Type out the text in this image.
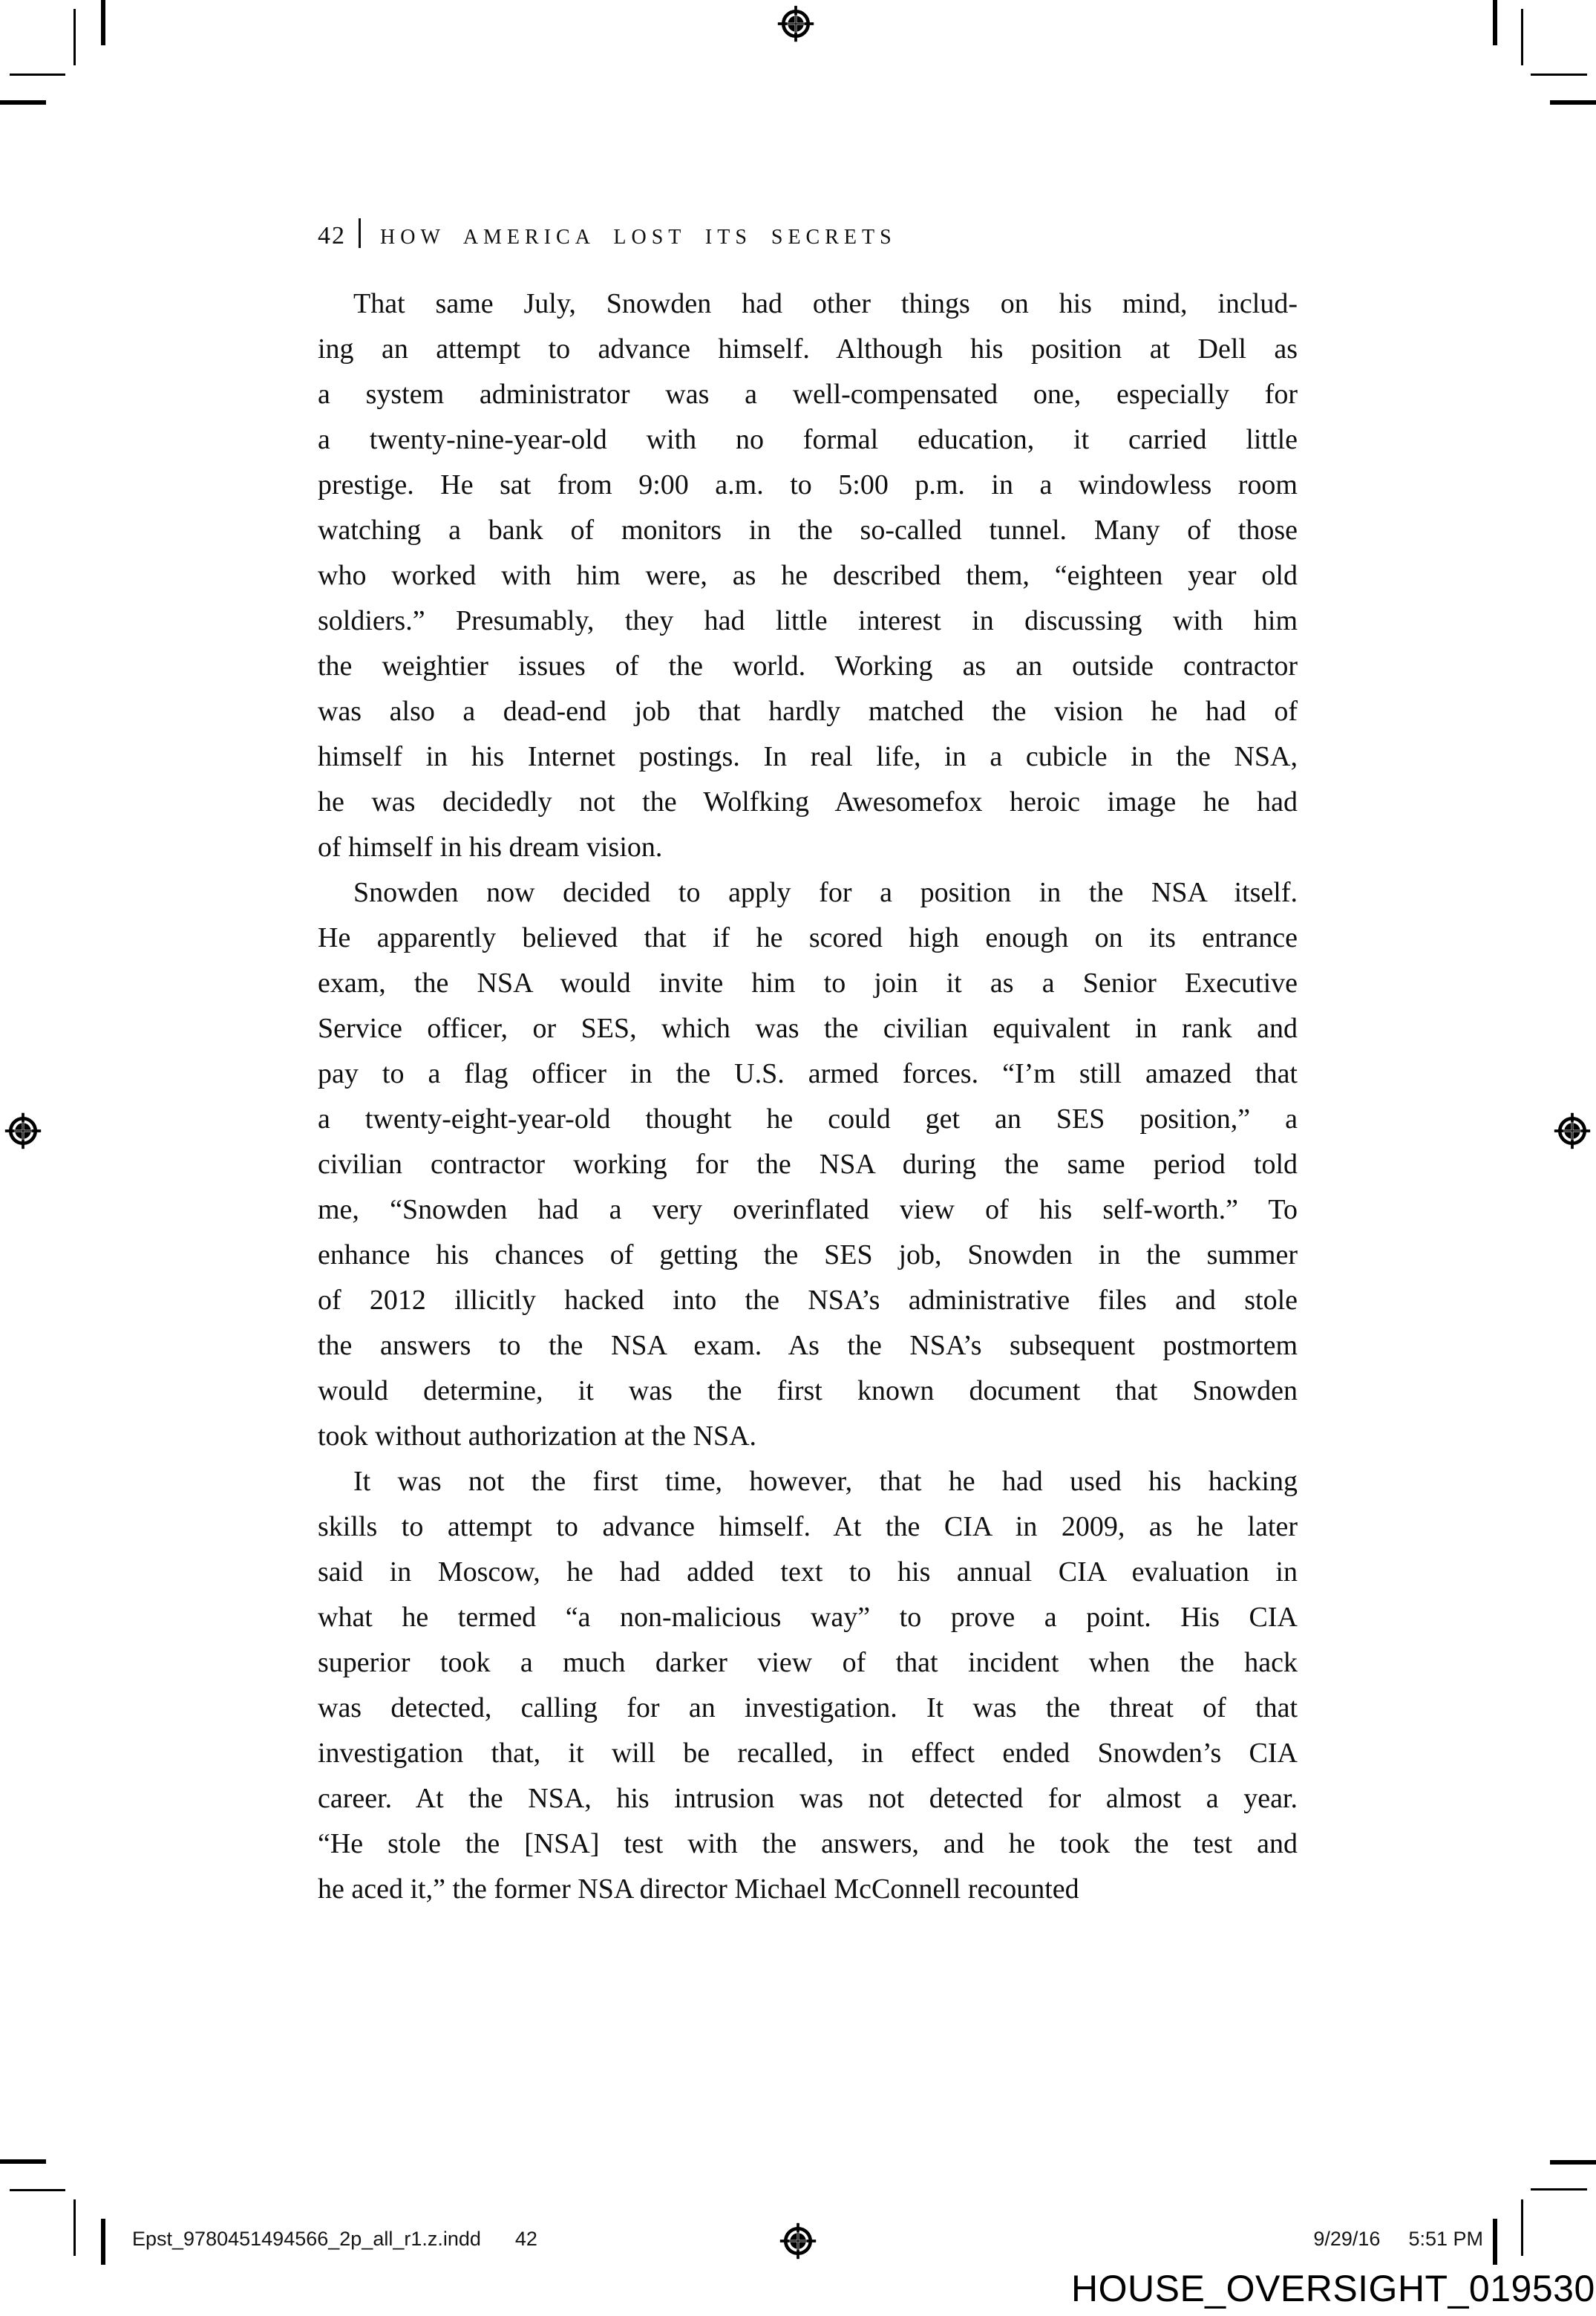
42 HOW AMERICA LOST ITS SECRETS
That same July, Snowden had other things on his mind, includ-
ing an attempt to advance himself. Although his position at Dell as
a system administrator was a well-compensated one, especially for
a twenty-nine-year-old with no formal education, it carried little
prestige. He sat from 9:00 a.m. to 5:00 p.m. in a windowless room
watching a bank of monitors in the so-called tunnel. Many of those
who worked with him were, as he described them, “eighteen year old
soldiers.” Presumably, they had little interest in discussing with him
the weightier issues of the world. Working as an outside contractor
was also a dead-end job that hardly matched the vision he had of
himself in his Internet postings. In real life, in a cubicle in the NSA,
he was decidedly not the Wolfking Awesomefox heroic image he had
of himself in his dream vision.
Snowden now decided to apply for a position in the NSA itself.
He apparently believed that if he scored high enough on its entrance
exam, the NSA would invite him to join it as a Senior Executive
Service officer, or SES, which was the civilian equivalent in rank and
pay to a flag officer in the U.S. armed forces. “I’m still amazed that
a twenty-eight-year-old thought he could get an SES position,” a
civilian contractor working for the NSA during the same period told
me, “Snowden had a very overinflated view of his self-worth.” To
enhance his chances of getting the SES job, Snowden in the summer
of 2012 illicitly hacked into the NSA’s administrative files and stole
the answers to the NSA exam. As the NSA’s subsequent postmortem
would determine, it was the first known document that Snowden
took without authorization at the NSA.
It was not the first time, however, that he had used his hacking
skills to attempt to advance himself. At the CIA in 2009, as he later
said in Moscow, he had added text to his annual CIA evaluation in
what he termed “a non-malicious way” to prove a point. His CIA
superior took a much darker view of that incident when the hack
was detected, calling for an investigation. It was the threat of that
investigation that, it will be recalled, in effect ended Snowden’s CIA
career. At the NSA, his intrusion was not detected for almost a year.
“He stole the [NSA] test with the answers, and he took the test and
he aced it,” the former NSA director Michael McConnell recounted
Epst_9780451494566_2p_all_r1.z.indd 42	9/29/16 5:51 PM
HOUSE_OVERSIGHT_019530
